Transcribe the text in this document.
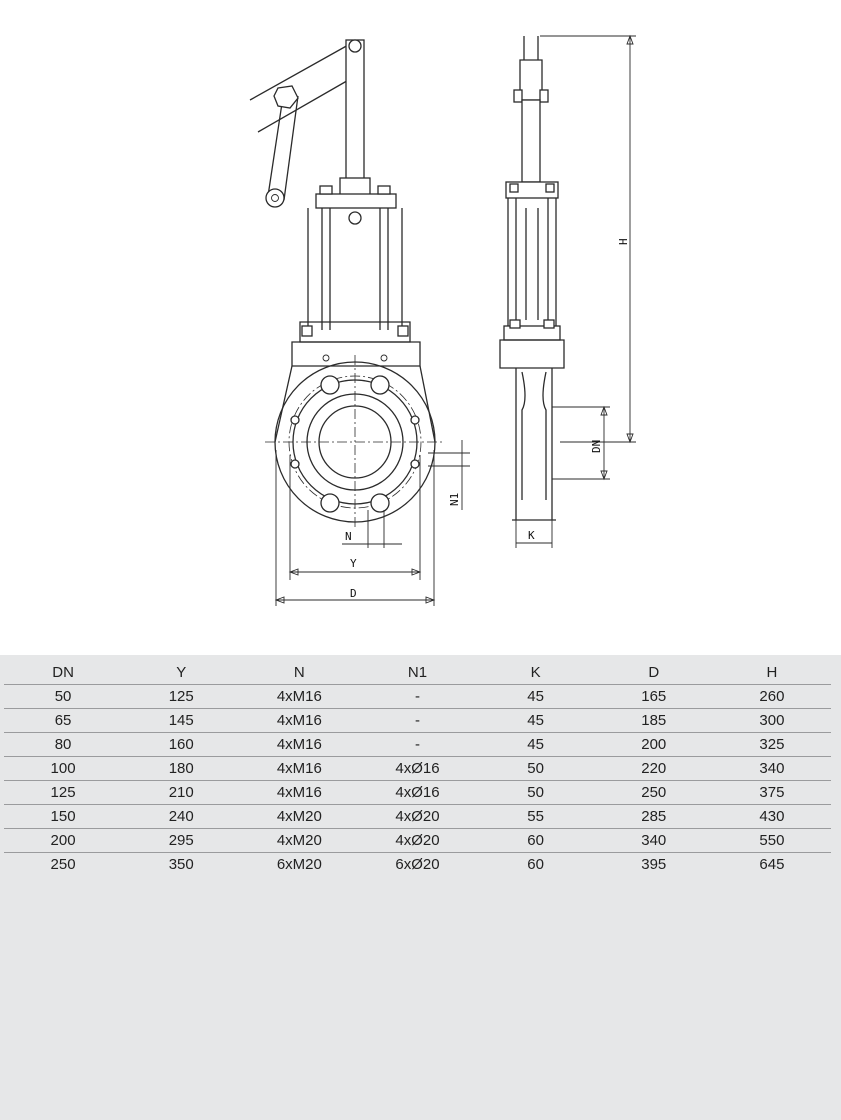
N1
N
Y
D
H
DN
K
DN	Y	N	N1	K	D	H
50	125	4xM16	-	45	165	260
65	145	4xM16	-	45	185	300
80	160	4xM16	-	45	200	325
100	180	4xM16	4xØ16	50	220	340
125	210	4xM16	4xØ16	50	250	375
150	240	4xM20	4xØ20	55	285	430
200	295	4xM20	4xØ20	60	340	550
250	350	6xM20	6xØ20	60	395	645
